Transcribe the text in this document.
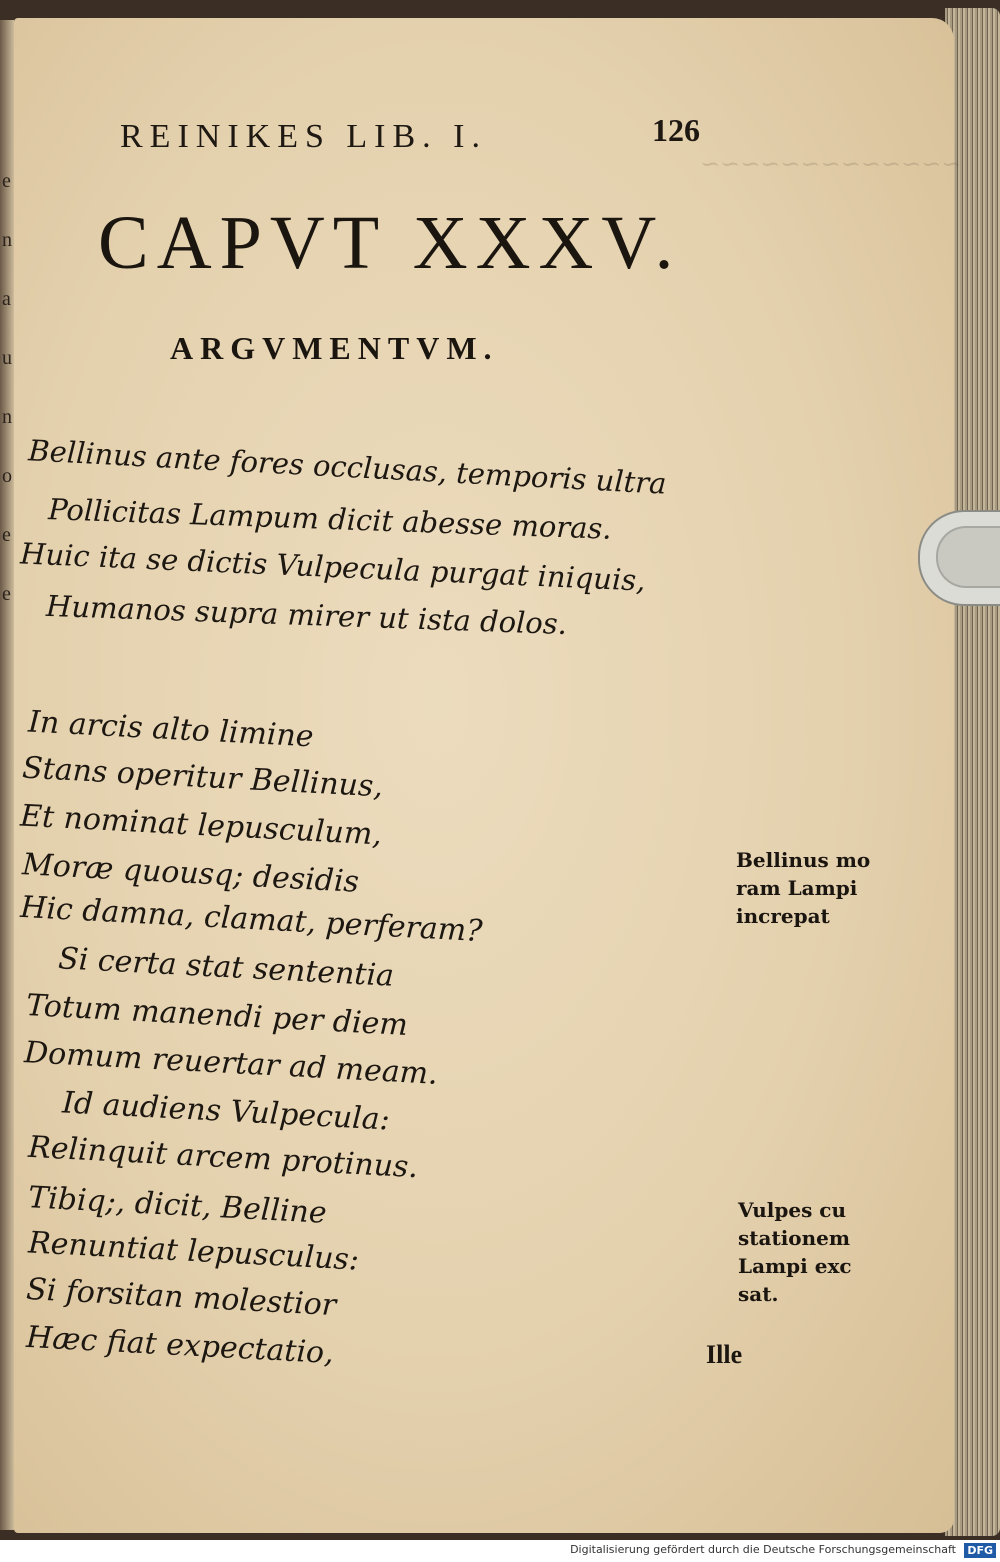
e
n
a
u
n
o
e
e
~~~~~~~~~~~~~
REINIKES LIB. I.	126
CAPVT XXXV.
ARGVMENTVM.
Bellinus ante fores occlusas, temporis ultra
Pollicitas Lampum dicit abesse moras.
Huic ita se dictis Vulpecula purgat iniquis,
Humanos supra mirer ut ista dolos.
In arcis alto limine
Stans operitur Bellinus,
Et nominat lepusculum,
Moræ quousq; desidis
Hic damna, clamat, perferam?
Si certa stat sententia
Totum manendi per diem
Domum reuertar ad meam.
Id audiens Vulpecula:
Relinquit arcem protinus.
Tibiq;, dicit, Belline
Renuntiat lepusculus:
Si forsitan molestior
Hæc fiat expectatio,
Bellinus mo
ram Lampi
increpat
Vulpes cu
stationem
Lampi exc
sat.
Ille
Digitalisierung gefördert durch die Deutsche Forschungsgemeinschaft DFG
